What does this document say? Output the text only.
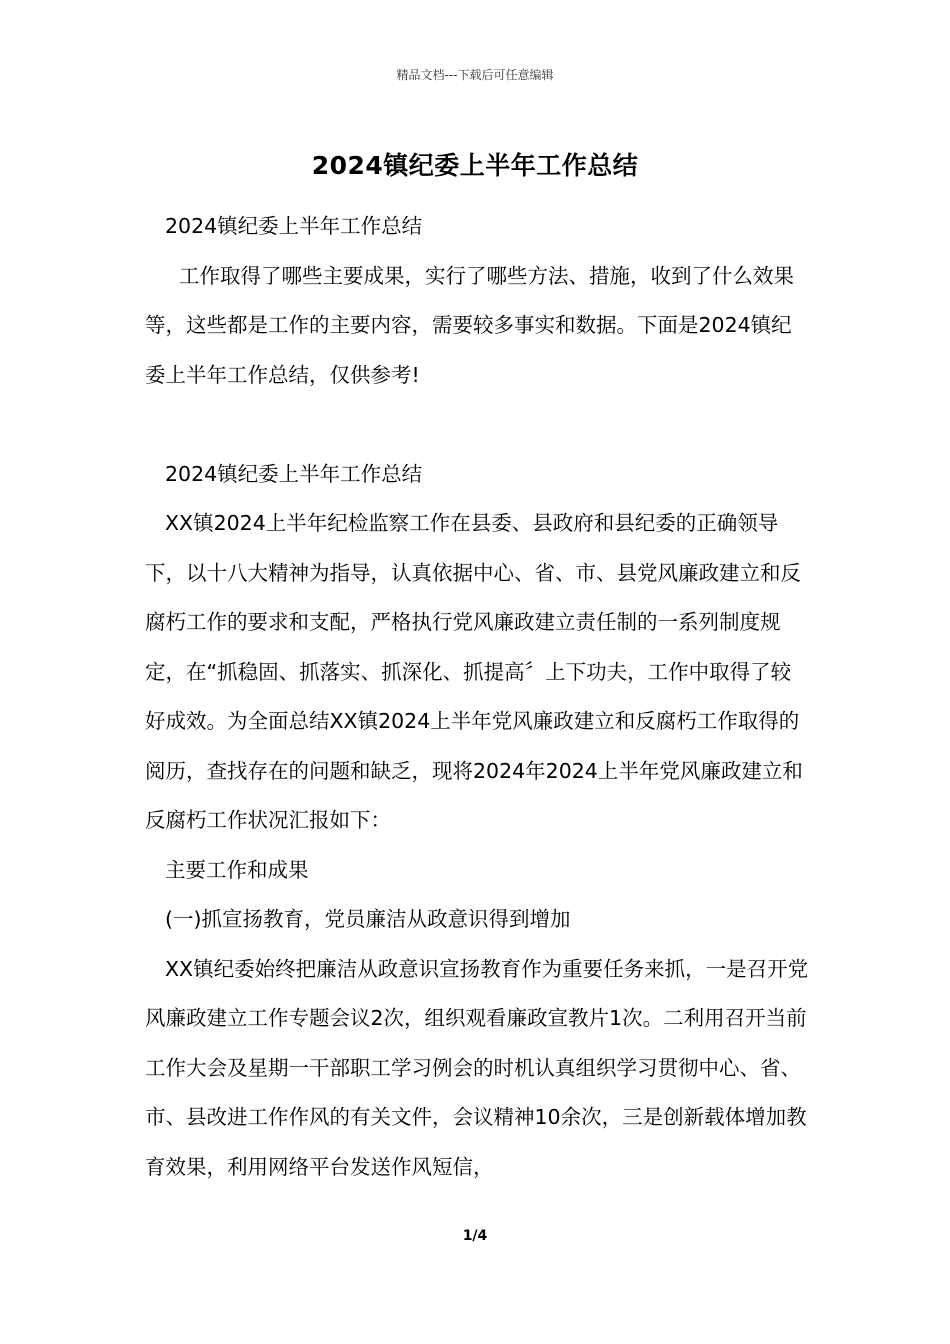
精品文档---下载后可任意编辑
2024镇纪委上半年工作总结

2024镇纪委上半年工作总结

工作取得了哪些主要成果，实行了哪些方法、措施，收到了什么效果等，这些都是工作的主要内容，需要较多事实和数据。下面是2024镇纪委上半年工作总结，仅供参考!

2024镇纪委上半年工作总结

XX镇2024上半年纪检监察工作在县委、县政府和县纪委的正确领导下，以十八大精神为指导，认真依据中心、省、市、县党风廉政建立和反腐朽工作的要求和支配，严格执行党风廉政建立责任制的一系列制度规定，在“抓稳固、抓落实、抓深化、抓提高〞上下功夫，工作中取得了较好成效。为全面总结XX镇2024上半年党风廉政建立和反腐朽工作取得的阅历，查找存在的问题和缺乏，现将2024年2024上半年党风廉政建立和反腐朽工作状况汇报如下：

主要工作和成果

(一)抓宣扬教育，党员廉洁从政意识得到增加

XX镇纪委始终把廉洁从政意识宣扬教育作为重要任务来抓，一是召开党风廉政建立工作专题会议2次，组织观看廉政宣教片1次。二利用召开当前工作大会及星期一干部职工学习例会的时机认真组织学习贯彻中心、省、市、县改进工作作风的有关文件，会议精神10余次，三是创新载体增加教育效果，利用网络平台发送作风短信，

1/4
